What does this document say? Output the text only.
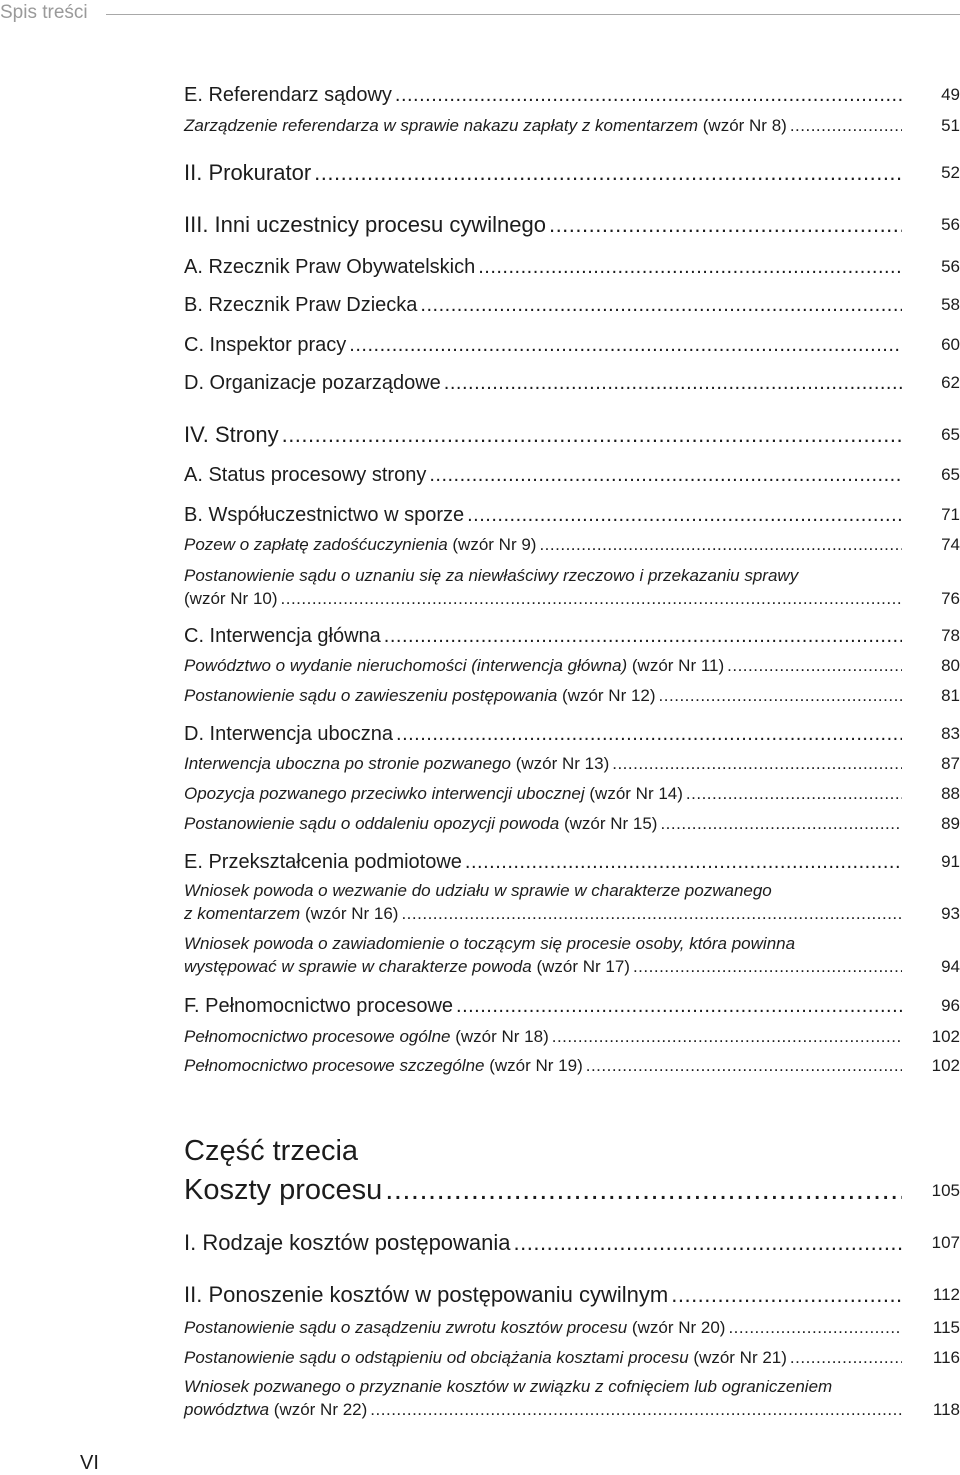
Spis treści
E. Referendarz sądowy .....	49
Zarządzenie referendarza w sprawie nakazu zapłaty z komentarzem (wzór Nr 8) .....	51
II. Prokurator .....	52
III. Inni uczestnicy procesu cywilnego .....	56
A. Rzecznik Praw Obywatelskich .....	56
B. Rzecznik Praw Dziecka .....	58
C. Inspektor pracy .....	60
D. Organizacje pozarządowe .....	62
IV. Strony .....	65
A. Status procesowy strony .....	65
B. Współuczestnictwo w sporze .....	71
Pozew o zapłatę zadośćuczynienia (wzór Nr 9) .....	74
Postanowienie sądu o uznaniu się za niewłaściwy rzeczowo i przekazaniu sprawy
(wzór Nr 10) .....	76
C. Interwencja główna .....	78
Powództwo o wydanie nieruchomości (interwencja główna) (wzór Nr 11) .....	80
Postanowienie sądu o zawieszeniu postępowania (wzór Nr 12) .....	81
D. Interwencja uboczna .....	83
Interwencja uboczna po stronie pozwanego (wzór Nr 13) .....	87
Opozycja pozwanego przeciwko interwencji ubocznej (wzór Nr 14) .....	88
Postanowienie sądu o oddaleniu opozycji powoda (wzór Nr 15) .....	89
E. Przekształcenia podmiotowe .....	91
Wniosek powoda o wezwanie do udziału w sprawie w charakterze pozwanego
z komentarzem (wzór Nr 16) .....	93
Wniosek powoda o zawiadomienie o toczącym się procesie osoby, która powinna
występować w sprawie w charakterze powoda (wzór Nr 17) .....	94
F. Pełnomocnictwo procesowe .....	96
Pełnomocnictwo procesowe ogólne (wzór Nr 18) .....	102
Pełnomocnictwo procesowe szczególne (wzór Nr 19) .....	102
Część trzecia
Koszty procesu .....	105
I. Rodzaje kosztów postępowania .....	107
II. Ponoszenie kosztów w postępowaniu cywilnym .....	112
Postanowienie sądu o zasądzeniu zwrotu kosztów procesu (wzór Nr 20) .....	115
Postanowienie sądu o odstąpieniu od obciążania kosztami procesu (wzór Nr 21) .....	116
Wniosek pozwanego o przyznanie kosztów w związku z cofnięciem lub ograniczeniem
powództwa (wzór Nr 22) .....	118
VI
